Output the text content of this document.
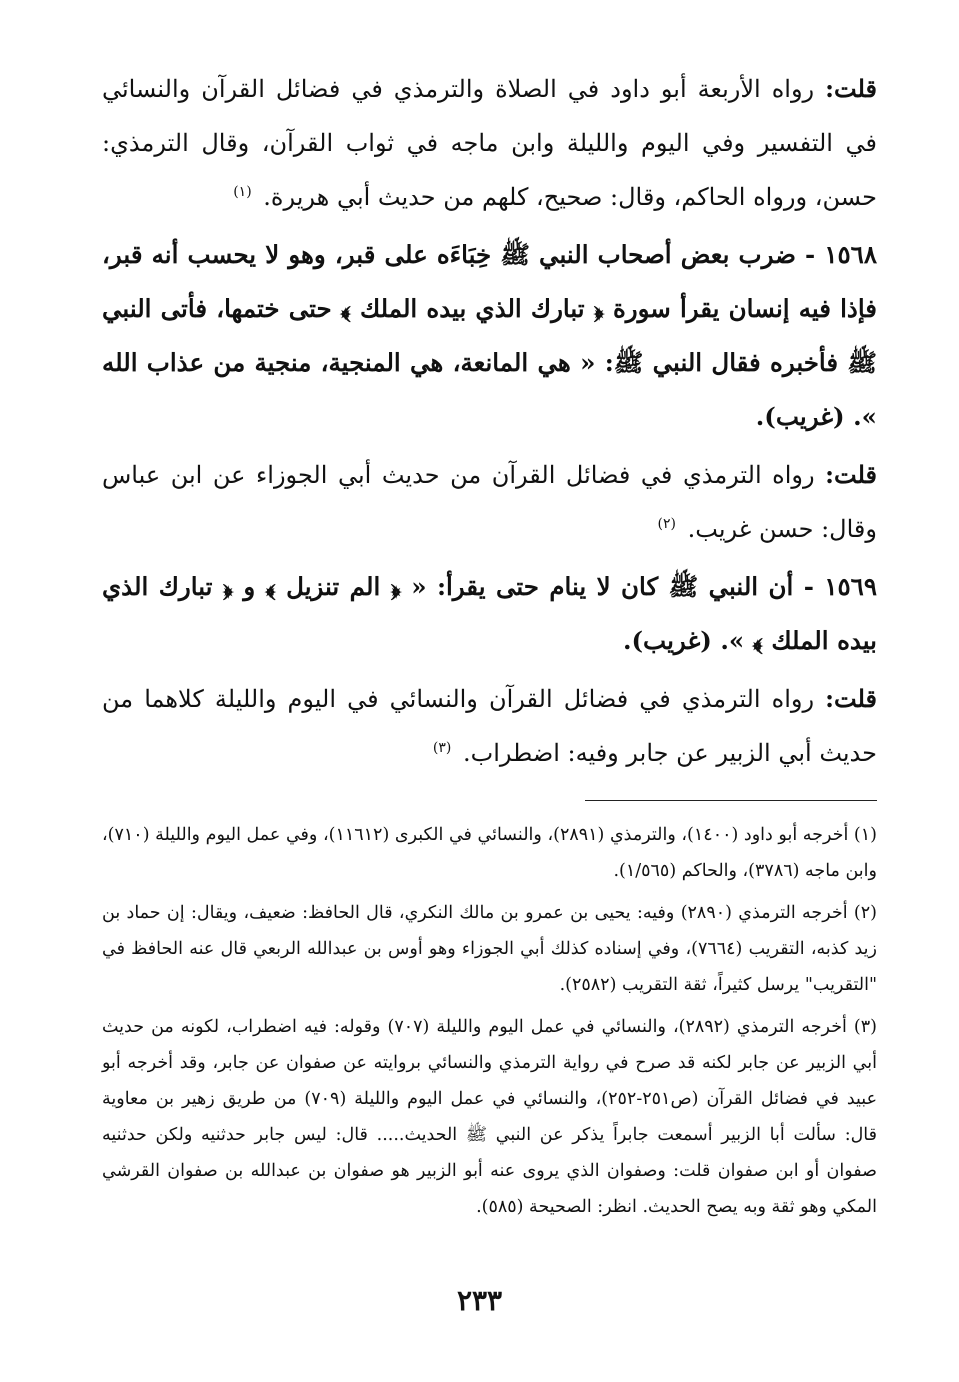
قلت: رواه الأربعة أبو داود في الصلاة والترمذي في فضائل القرآن والنسائي في التفسير وفي اليوم والليلة وابن ماجه في ثواب القرآن، وقال الترمذي: حسن، ورواه الحاكم، وقال: صحيح، كلهم من حديث أبي هريرة. $^{(١)}$

١٥٦٨ - ضرب بعض أصحاب النبي ﷺ خِبَاءَه على قبر، وهو لا يحسب أنه قبر، فإذا فيه إنسان يقرأ سورة ﴿ تبارك الذي بيده الملك ﴾ حتى ختمها، فأتى النبي ﷺ فأخبره فقال النبي ﷺ: « هي المانعة، هي المنجية، منجية من عذاب الله ». (غريب).

قلت: رواه الترمذي في فضائل القرآن من حديث أبي الجوزاء عن ابن عباس وقال: حسن غريب. $^{(٢)}$

١٥٦٩ - أن النبي ﷺ كان لا ينام حتى يقرأ: « ﴿ الم تنزيل ﴾ و ﴿ تبارك الذي بيده الملك ﴾ ». (غريب).

قلت: رواه الترمذي في فضائل القرآن والنسائي في اليوم والليلة كلاهما من حديث أبي الزبير عن جابر وفيه: اضطراب. $^{(٣)}$

(١) أخرجه أبو داود (١٤٠٠)، والترمذي (٢٨٩١)، والنسائي في الكبرى (١١٦١٢)، وفي عمل اليوم والليلة (٧١٠)، وابن ماجه (٣٧٨٦)، والحاكم (١/٥٦٥).

(٢) أخرجه الترمذي (٢٨٩٠) وفيه: يحيى بن عمرو بن مالك النكري، قال الحافظ: ضعيف، ويقال: إن حماد بن زيد كذبه، التقريب (٧٦٦٤)، وفي إسناده كذلك أبي الجوزاء وهو أوس بن عبدالله الربعي قال عنه الحافظ في "التقريب" يرسل كثيراً، ثقة التقريب (٢٥٨٢).

(٣) أخرجه الترمذي (٢٨٩٢)، والنسائي في عمل اليوم والليلة (٧٠٧) وقوله: فيه اضطراب، لكونه من حديث أبي الزبير عن جابر لكنه قد صرح في رواية الترمذي والنسائي بروايته عن صفوان عن جابر، وقد أخرجه أبو عبيد في فضائل القرآن (ص٢٥١-٢٥٢)، والنسائي في عمل اليوم والليلة (٧٠٩) من طريق زهير بن معاوية قال: سألت أبا الزبير أسمعت جابراً يذكر عن النبي ﷺ الحديث..... قال: ليس جابر حدثنيه ولكن حدثنيه صفوان أو ابن صفوان قلت: وصفوان الذي يروى عنه أبو الزبير هو صفوان بن عبدالله بن صفوان القرشي المكي وهو ثقة وبه يصح الحديث. انظر: الصحيحة (٥٨٥).

٢٣٣
